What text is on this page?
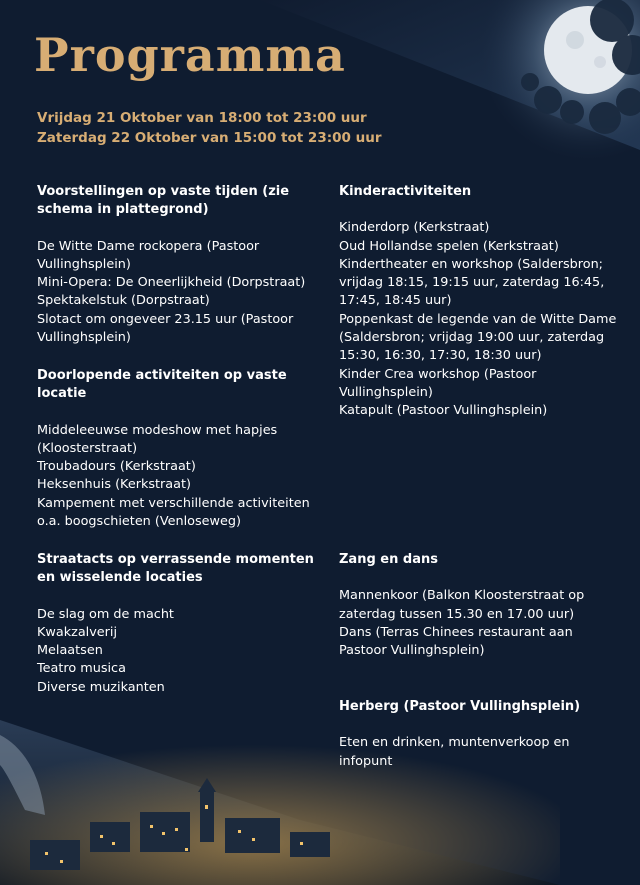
Programma
Vrijdag 21 Oktober van 18:00 tot 23:00 uur
Zaterdag 22 Oktober van 15:00 tot 23:00 uur
Voorstellingen op vaste tijden (zie schema in plattegrond)
De Witte Dame rockopera (Pastoor Vullinghsplein)
Mini-Opera: De Oneerlijkheid (Dorpstraat)
Spektakelstuk (Dorpstraat)
Slotact om ongeveer 23.15 uur (Pastoor Vullinghsplein)
Doorlopende activiteiten op vaste locatie
Middeleeuwse modeshow met hapjes (Kloosterstraat)
Troubadours (Kerkstraat)
Heksenhuis (Kerkstraat)
Kampement met verschillende activiteiten o.a. boogschieten (Venloseweg)
Straatacts op verrassende momenten en wisselende locaties
De slag om de macht
Kwakzalverij
Melaatsen
Teatro musica
Diverse muzikanten
Kinderactiviteiten
Kinderdorp (Kerkstraat)
Oud Hollandse spelen (Kerkstraat)
Kindertheater en workshop (Saldersbron; vrijdag 18:15, 19:15 uur, zaterdag 16:45, 17:45, 18:45 uur)
Poppenkast de legende van de Witte Dame (Saldersbron; vrijdag 19:00 uur, zaterdag 15:30, 16:30, 17:30, 18:30 uur)
Kinder Crea workshop (Pastoor Vullinghsplein)
Katapult (Pastoor Vullinghsplein)
Zang en dans
Mannenkoor (Balkon Kloosterstraat op zaterdag tussen 15.30 en 17.00 uur)
Dans (Terras Chinees restaurant aan Pastoor Vullinghsplein)
Herberg (Pastoor Vullinghsplein)

Eten en drinken, muntenverkoop en infopunt
